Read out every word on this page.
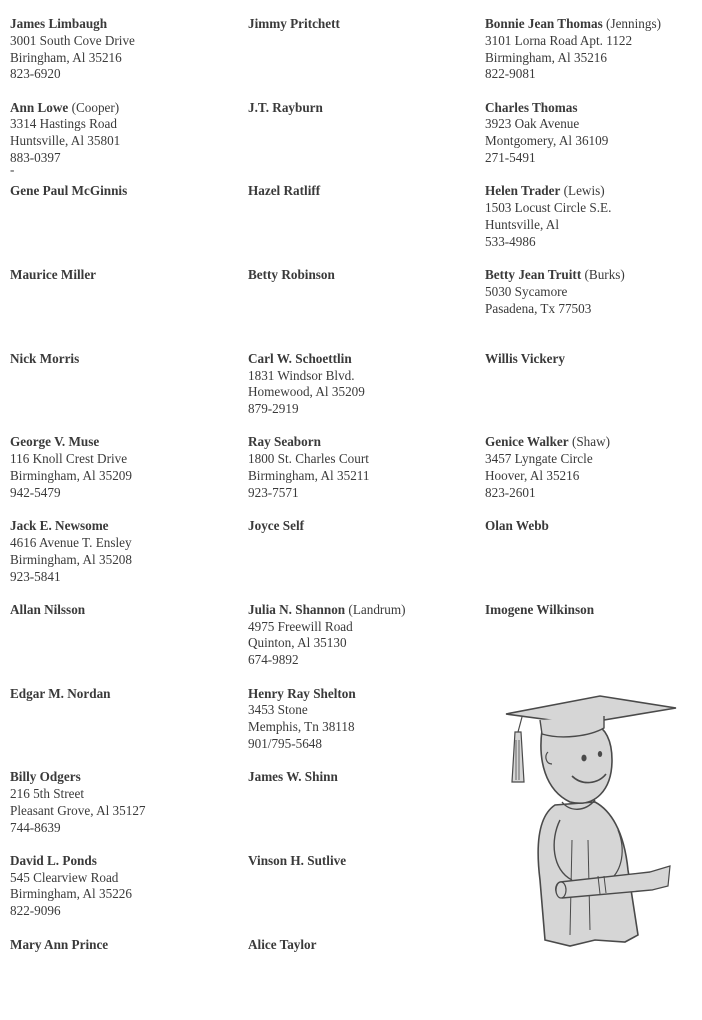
James Limbaugh
3001 South Cove Drive
Biringham, Al 35216
823-6920
Ann Lowe (Cooper)
3314 Hastings Road
Huntsville, Al 35801
883-0397
-
Gene Paul McGinnis
Maurice Miller
Nick Morris
George V. Muse
116 Knoll Crest Drive
Birmingham, Al 35209
942-5479
Jack E. Newsome
4616 Avenue T. Ensley
Birmingham, Al 35208
923-5841
Allan Nilsson
Edgar M. Nordan
Billy Odgers
216 5th Street
Pleasant Grove, Al 35127
744-8639
David L. Ponds
545 Clearview Road
Birmingham, Al 35226
822-9096
Mary Ann Prince
Jimmy Pritchett
J.T. Rayburn
Hazel Ratliff
Betty Robinson
Carl W. Schoettlin
1831 Windsor Blvd.
Homewood, Al 35209
879-2919
Ray Seaborn
1800 St. Charles Court
Birmingham, Al 35211
923-7571
Joyce Self
Julia N. Shannon (Landrum)
4975 Freewill Road
Quinton, Al 35130
674-9892
Henry Ray Shelton
3453 Stone
Memphis, Tn 38118
901/795-5648
James W. Shinn
Vinson H. Sutlive
Alice Taylor
Bonnie Jean Thomas (Jennings)
3101 Lorna Road Apt. 1122
Birmingham, Al 35216
822-9081
Charles Thomas
3923 Oak Avenue
Montgomery, Al 36109
271-5491
Helen Trader (Lewis)
1503 Locust Circle S.E.
Huntsville, Al
533-4986
Betty Jean Truitt (Burks)
5030 Sycamore
Pasadena, Tx 77503
Willis Vickery
Genice Walker (Shaw)
3457 Lyngate Circle
Hoover, Al 35216
823-2601
Olan Webb
Imogene Wilkinson
